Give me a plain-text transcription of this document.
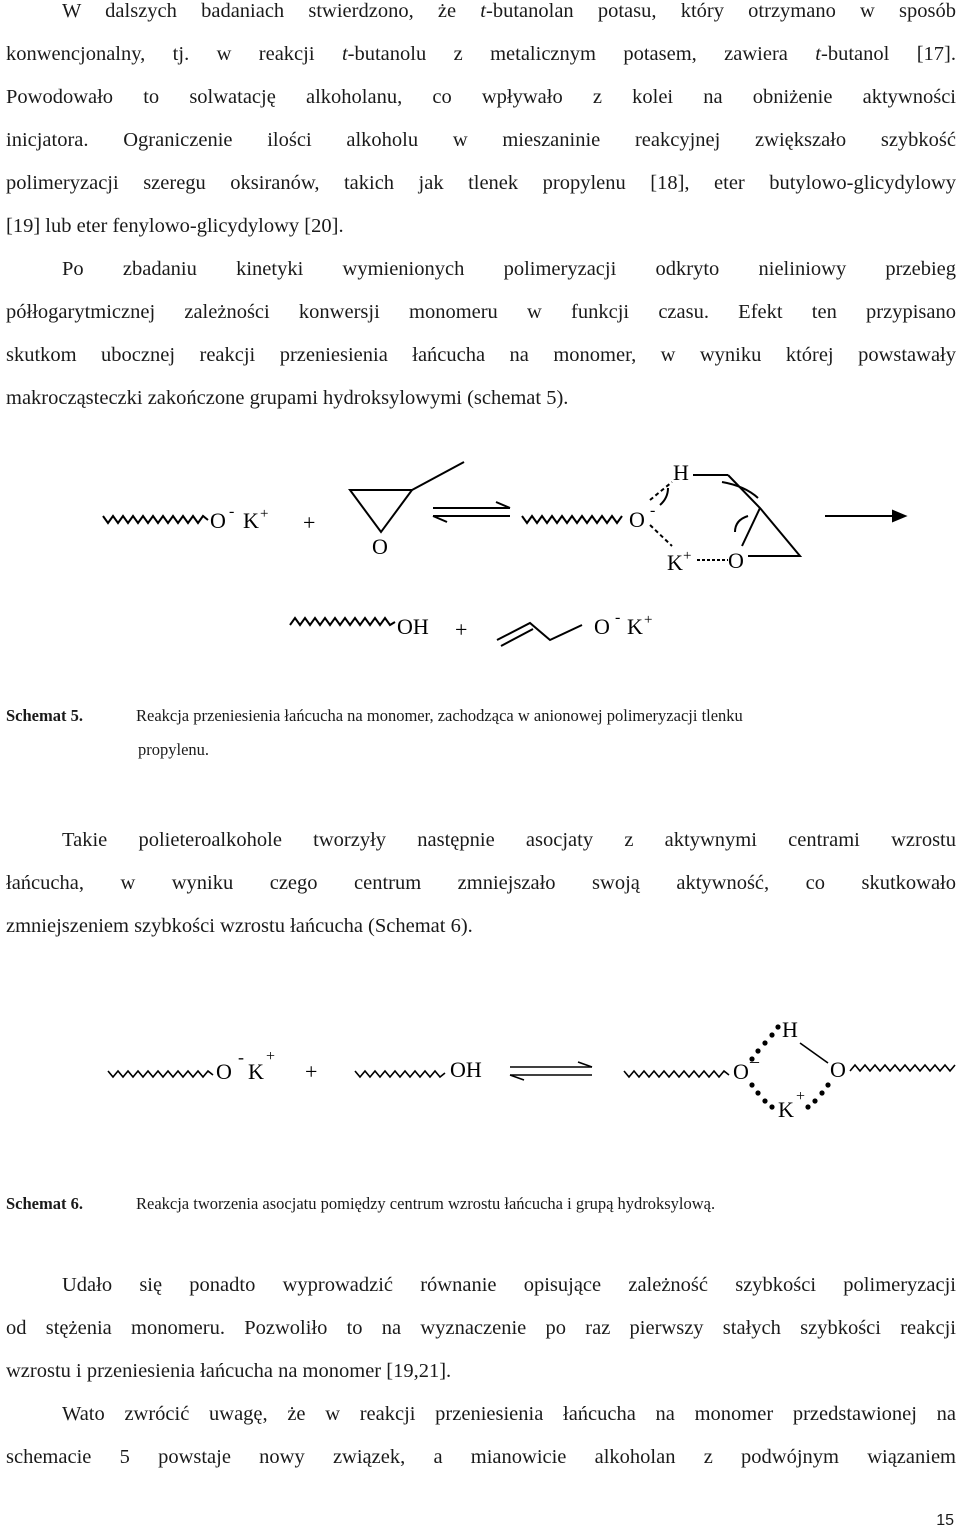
W dalszych badaniach stwierdzono, że t-butanolan potasu, który otrzymano w sposób
konwencjonalny, tj. w reakcji t-butanolu z metalicznym potasem, zawiera t-butanol [17].
Powodowało to solwatację alkoholanu, co wpływało z kolei na obniżenie aktywności
inicjatora. Ograniczenie ilości alkoholu w mieszaninie reakcyjnej zwiększało szybkość
polimeryzacji szeregu oksiranów, takich jak tlenek propylenu [18], eter butylowo-glicydylowy
[19] lub eter fenylowo-glicydylowy [20].
Po zbadaniu kinetyki wymienionych polimeryzacji odkryto nieliniowy przebieg
półłogarytmicznej zależności konwersji monomeru w funkcji czasu. Efekt ten przypisano
skutkom ubocznej reakcji przeniesienia łańcucha na monomer, w wyniku której powstawały
makrocząsteczki zakończone grupami hydroksylowymi (schemat 5).
O - K + +
O
O -
H
K + O
OH +	O - K +
Schemat 5.	Reakcja przeniesienia łańcucha na monomer, zachodząca w anionowej polimeryzacji tlenku
propylenu.
Takie polieteroalkohole tworzyły następnie asocjaty z aktywnymi centrami wzrostu
łańcucha, w wyniku czego centrum zmniejszało swoją aktywność, co skutkowało
zmniejszeniem szybkości wzrostu łańcucha (Schemat 6).
O
-
K
+
+	OH	O –
H
O
K
+
Schemat 6.	Reakcja tworzenia asocjatu pomiędzy centrum wzrostu łańcucha i grupą hydroksylową.
Udało się ponadto wyprowadzić równanie opisujące zależność szybkości polimeryzacji
od stężenia monomeru. Pozwoliło to na wyznaczenie po raz pierwszy stałych szybkości reakcji
wzrostu i przeniesienia łańcucha na monomer [19,21].
Wato zwrócić uwagę, że w reakcji przeniesienia łańcucha na monomer przedstawionej na
schemacie 5 powstaje nowy związek, a mianowicie alkoholan z podwójnym wiązaniem
15
